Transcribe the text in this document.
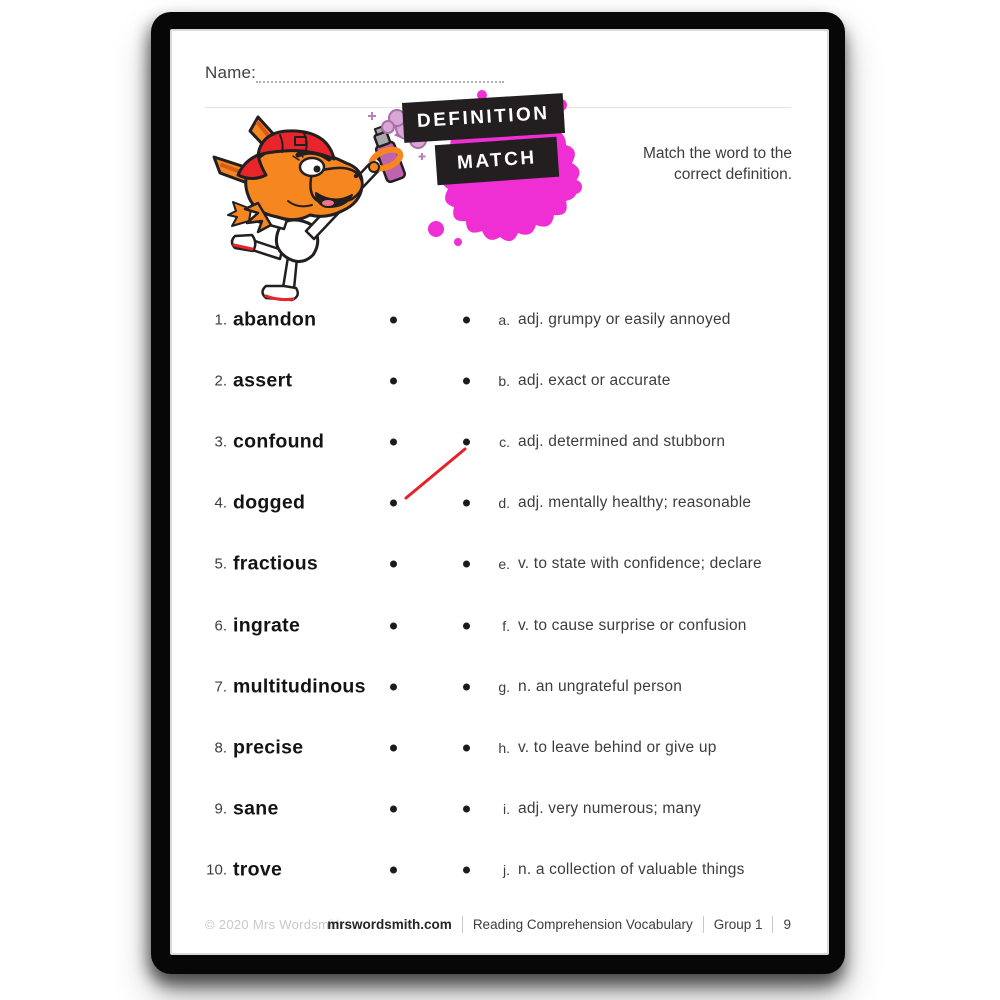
Name:
DEFINITION
MATCH	Match the word to the
correct definition.
1. abandon	a. adj. grumpy or easily annoyed
2. assert	b. adj. exact or accurate
3. confound	c. adj. determined and stubborn
4. dogged	d. adj. mentally healthy; reasonable
5. fractious	e. v. to state with confidence; declare
6. ingrate	f. v. to cause surprise or confusion
7. multitudinous	g. n. an ungrateful person
8. precise	h. v. to leave behind or give up
9. sane	i. adj. very numerous; many
10. trove	j. n. a collection of valuable things
© 2020 Mrs Wordsmith
mrswordsmith.com Reading Comprehension Vocabulary Group 1 9
